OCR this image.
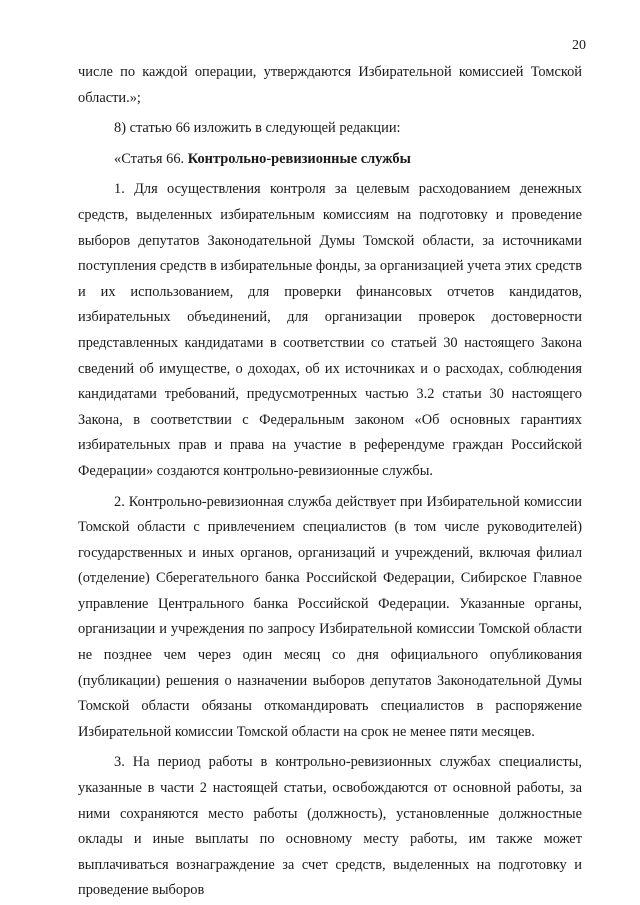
20

числе по каждой операции, утверждаются Избирательной комиссией Томской области.»;

8) статью 66 изложить в следующей редакции:

«Статья 66. Контрольно-ревизионные службы

1. Для осуществления контроля за целевым расходованием денежных средств, выделенных избирательным комиссиям на подготовку и проведение выборов депутатов Законодательной Думы Томской области, за источниками поступления средств в избирательные фонды, за организацией учета этих средств и их использованием, для проверки финансовых отчетов кандидатов, избирательных объединений, для организации проверок достоверности представленных кандидатами в соответствии со статьей 30 настоящего Закона сведений об имуществе, о доходах, об их источниках и о расходах, соблюдения кандидатами требований, предусмотренных частью 3.2 статьи 30 настоящего Закона, в соответствии с Федеральным законом «Об основных гарантиях избирательных прав и права на участие в референдуме граждан Российской Федерации» создаются контрольно-ревизионные службы.

2. Контрольно-ревизионная служба действует при Избирательной комиссии Томской области с привлечением специалистов (в том числе руководителей) государственных и иных органов, организаций и учреждений, включая филиал (отделение) Сберегательного банка Российской Федерации, Сибирское Главное управление Центрального банка Российской Федерации. Указанные органы, организации и учреждения по запросу Избирательной комиссии Томской области не позднее чем через один месяц со дня официального опубликования (публикации) решения о назначении выборов депутатов Законодательной Думы Томской области обязаны откомандировать специалистов в распоряжение Избирательной комиссии Томской области на срок не менее пяти месяцев.

3. На период работы в контрольно-ревизионных службах специалисты, указанные в части 2 настоящей статьи, освобождаются от основной работы, за ними сохраняются место работы (должность), установленные должностные оклады и иные выплаты по основному месту работы, им также может выплачиваться вознаграждение за счет средств, выделенных на подготовку и проведение выборов
